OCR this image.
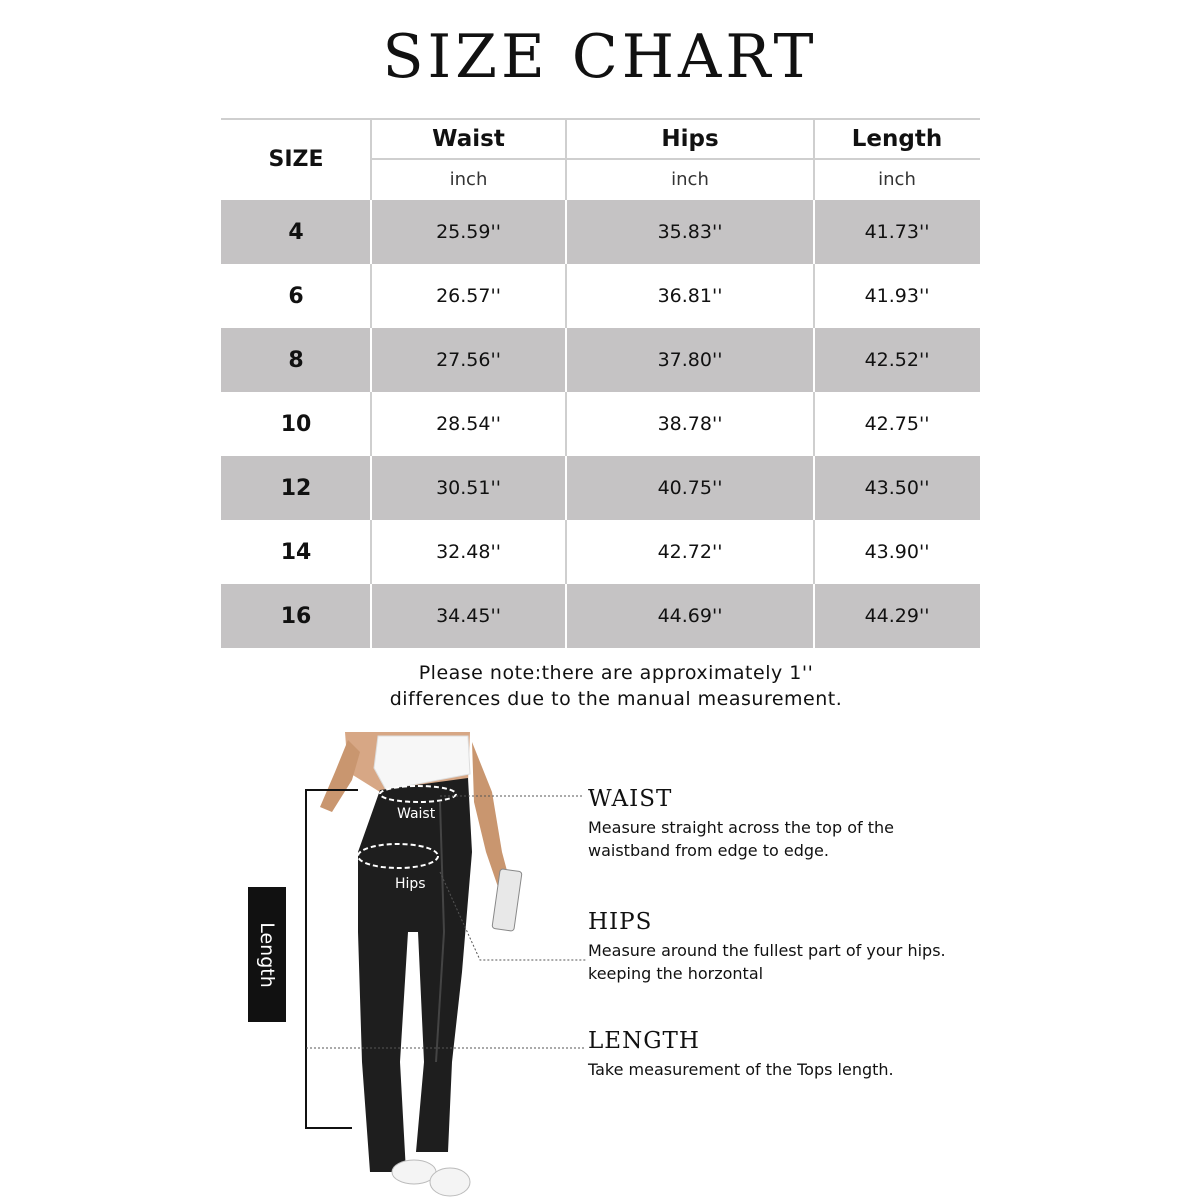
SIZE CHART
SIZE
Waist	Hips	Length
inch	inch	inch
4	25.59''	35.83''	41.73''
6	26.57''	36.81''	41.93''
8	27.56''	37.80''	42.52''
10	28.54''	38.78''	42.75''
12	30.51''	40.75''	43.50''
14	32.48''	42.72''	43.90''
16	34.45''	44.69''	44.29''
Please note:there are approximately 1''
differences due to the manual measurement.
Waist
Hips
Length
WAIST
Measure straight across the top of the
waistband from edge to edge.
HIPS
Measure around the fullest part of your hips.
keeping the horzontal
LENGTH
Take measurement of the Tops length.
